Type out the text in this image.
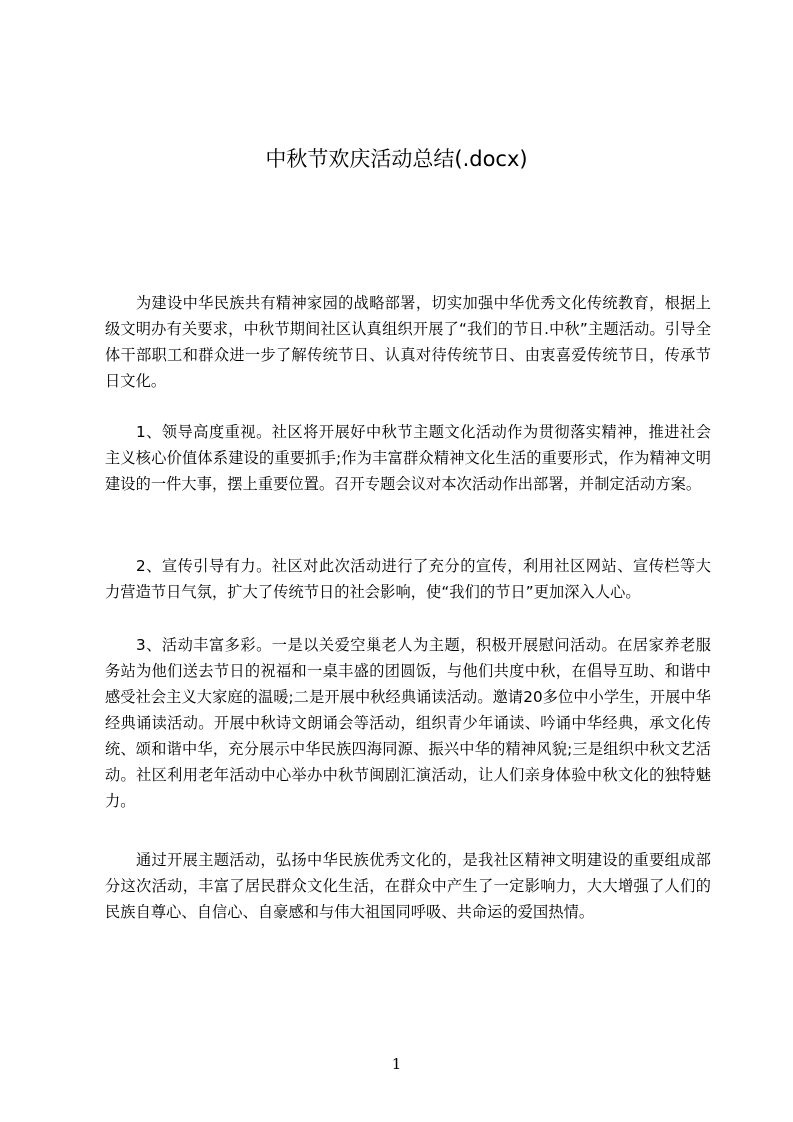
中秋节欢庆活动总结(.docx)

为建设中华民族共有精神家园的战略部署，切实加强中华优秀文化传统教育，根据上级文明办有关要求，中秋节期间社区认真组织开展了“我们的节日.中秋”主题活动。引导全体干部职工和群众进一步了解传统节日、认真对待传统节日、由衷喜爱传统节日，传承节日文化。

1、领导高度重视。社区将开展好中秋节主题文化活动作为贯彻落实精神，推进社会主义核心价值体系建设的重要抓手;作为丰富群众精神文化生活的重要形式，作为精神文明建设的一件大事，摆上重要位置。召开专题会议对本次活动作出部署，并制定活动方案。

2、宣传引导有力。社区对此次活动进行了充分的宣传，利用社区网站、宣传栏等大力营造节日气氛，扩大了传统节日的社会影响，使“我们的节日”更加深入人心。

3、活动丰富多彩。一是以关爱空巢老人为主题，积极开展慰问活动。在居家养老服务站为他们送去节日的祝福和一桌丰盛的团圆饭，与他们共度中秋，在倡导互助、和谐中感受社会主义大家庭的温暖;二是开展中秋经典诵读活动。邀请20多位中小学生，开展中华经典诵读活动。开展中秋诗文朗诵会等活动，组织青少年诵读、吟诵中华经典，承文化传统、颂和谐中华，充分展示中华民族四海同源、振兴中华的精神风貌;三是组织中秋文艺活动。社区利用老年活动中心举办中秋节闽剧汇演活动，让人们亲身体验中秋文化的独特魅力。

通过开展主题活动，弘扬中华民族优秀文化的，是我社区精神文明建设的重要组成部分这次活动，丰富了居民群众文化生活，在群众中产生了一定影响力，大大增强了人们的民族自尊心、自信心、自豪感和与伟大祖国同呼吸、共命运的爱国热情。

1
